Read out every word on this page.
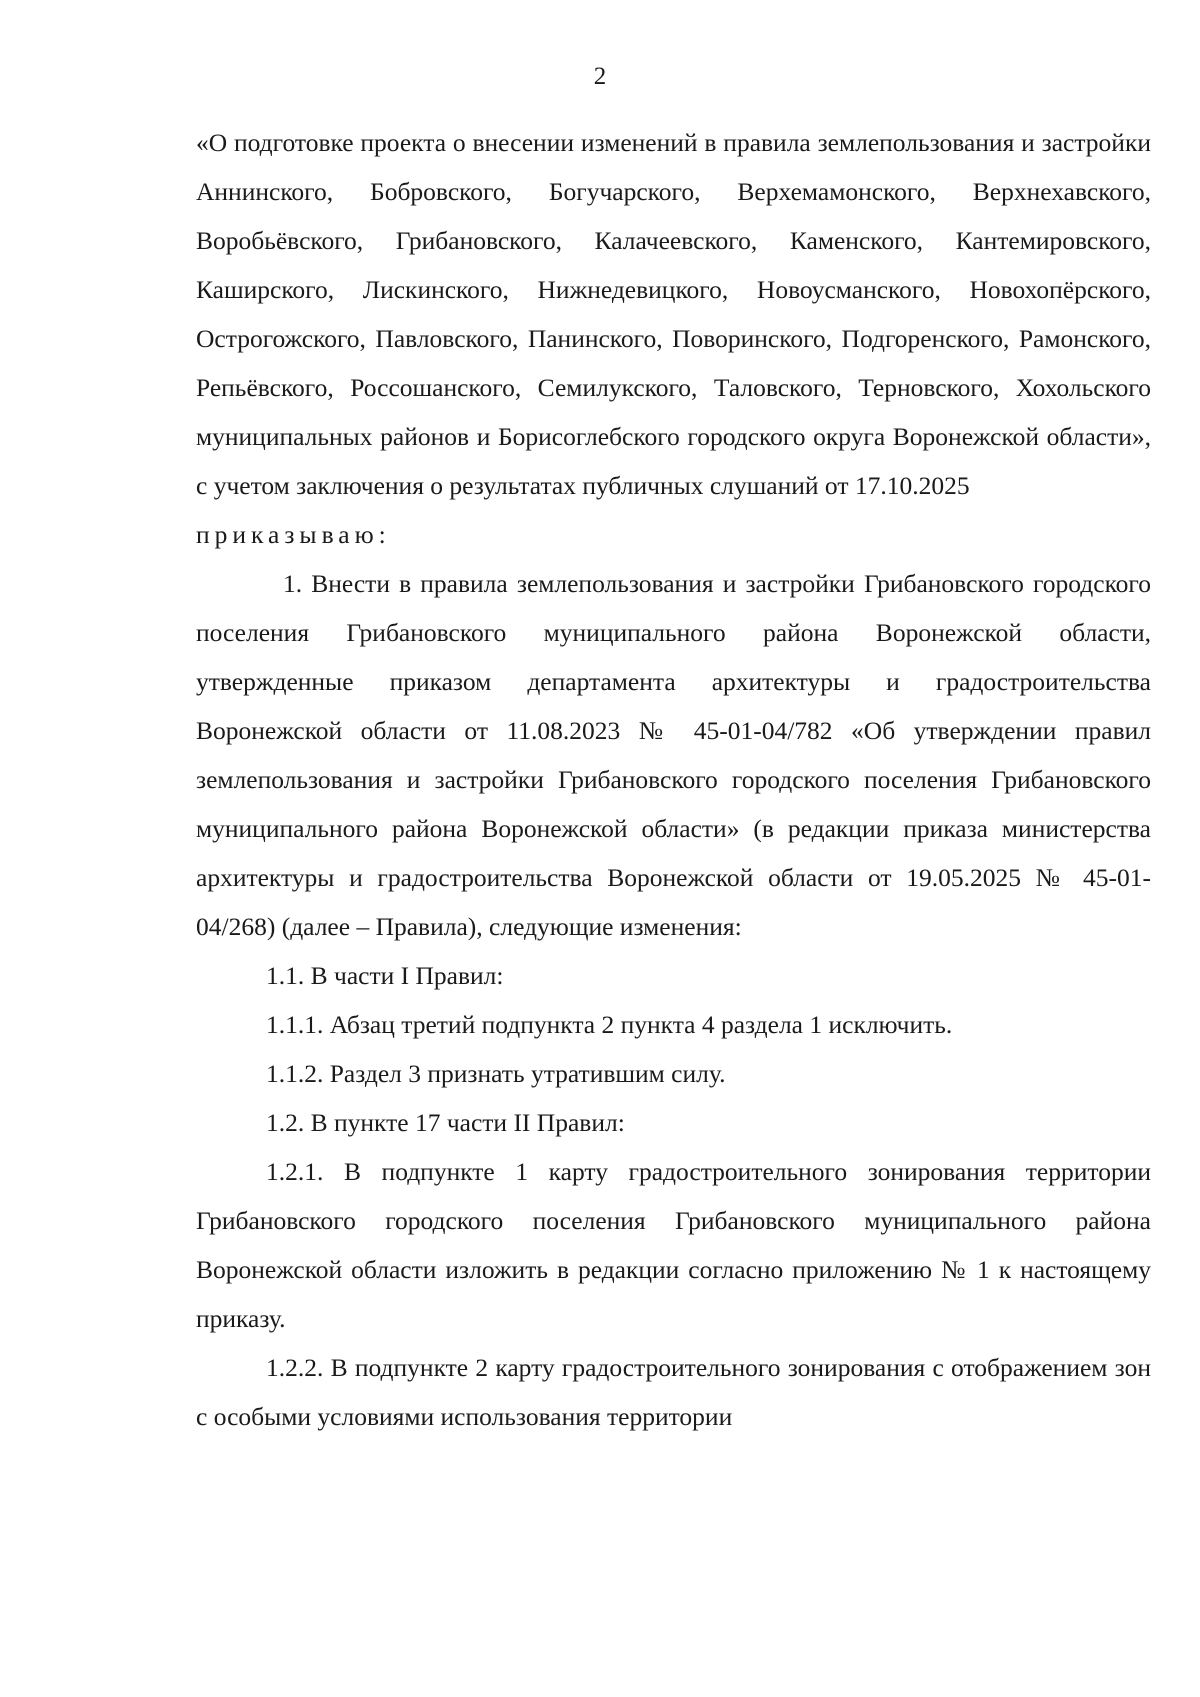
2

«О подготовке проекта о внесении изменений в правила землепользования и застройки Аннинского, Бобровского, Богучарского, Верхемамонского, Верхнехавского, Воробьёвского, Грибановского, Калачеевского, Каменского, Кантемировского, Каширского, Лискинского, Нижнедевицкого, Новоусманского, Новохопёрского, Острогожского, Павловского, Панинского, Поворинского, Подгоренского, Рамонского, Репьёвского, Россошанского, Семилукского, Таловского, Терновского, Хохольского муниципальных районов и Борисоглебского городского округа Воронежской области», с учетом заключения о результатах публичных слушаний от 17.10.2025

приказываю:

1. Внести в правила землепользования и застройки Грибановского городского поселения Грибановского муниципального района Воронежской области, утвержденные приказом департамента архитектуры и градостроительства Воронежской области от 11.08.2023 № 45-01-04/782 «Об утверждении правил землепользования и застройки Грибановского городского поселения Грибановского муниципального района Воронежской области» (в редакции приказа министерства архитектуры и градостроительства Воронежской области от 19.05.2025 № 45-01-04/268) (далее – Правила), следующие изменения:

1.1. В части I Правил:

1.1.1. Абзац третий подпункта 2 пункта 4 раздела 1 исключить.

1.1.2. Раздел 3 признать утратившим силу.

1.2. В пункте 17 части II Правил:

1.2.1. В подпункте 1 карту градостроительного зонирования территории Грибановского городского поселения Грибановского муниципального района Воронежской области изложить в редакции согласно приложению № 1 к настоящему приказу.

1.2.2. В подпункте 2 карту градостроительного зонирования с отображением зон с особыми условиями использования территории
